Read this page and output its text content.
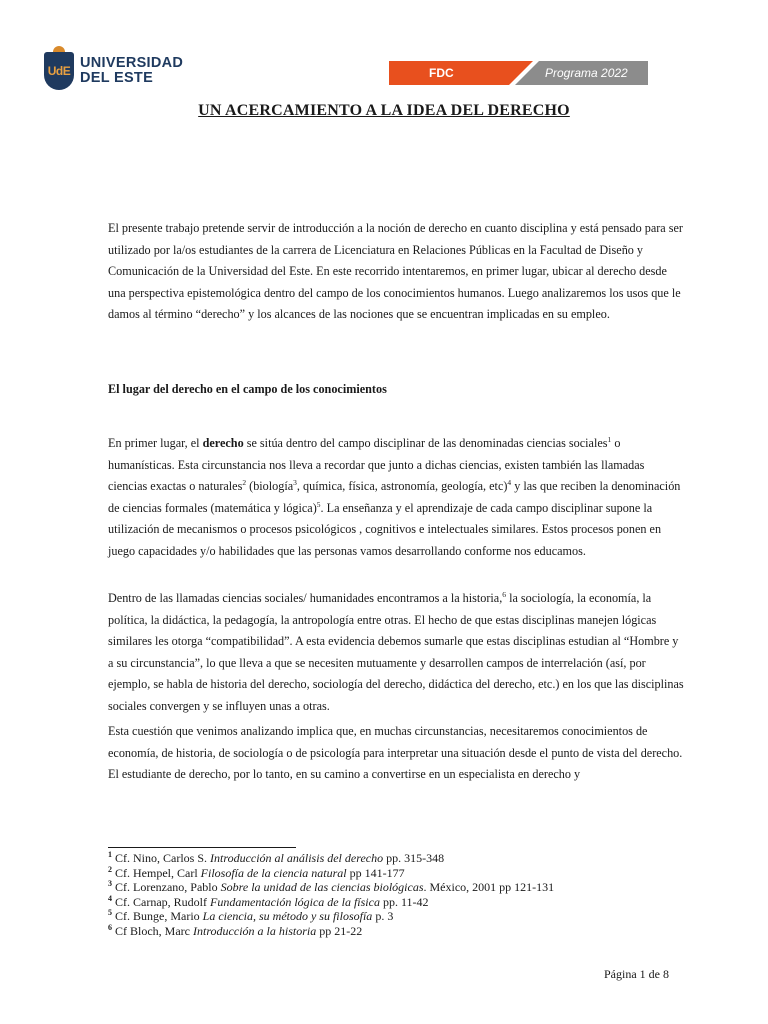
UdE UNIVERSIDAD
DEL ESTE	FDC	Programa 2022
UN ACERCAMIENTO A LA IDEA DEL DERECHO
El presente trabajo pretende servir de introducción a la noción de derecho en cuanto disciplina y está pensado para ser utilizado por la/os estudiantes de la carrera de Licenciatura en Relaciones Públicas en la Facultad de Diseño y Comunicación de la Universidad del Este. En este recorrido intentaremos, en primer lugar, ubicar al derecho desde una perspectiva epistemológica dentro del campo de los conocimientos humanos. Luego analizaremos los usos que le damos al término “derecho” y los alcances de las nociones que se encuentran implicadas en su empleo.
El lugar del derecho en el campo de los conocimientos
En primer lugar, el derecho se sitúa dentro del campo disciplinar de las denominadas ciencias sociales$^1$ o humanísticas. Esta circunstancia nos lleva a recordar que junto a dichas ciencias, existen también las llamadas ciencias exactas o naturales$^2$ (biología$^3$, química, física, astronomía, geología, etc)$^4$ y las que reciben la denominación de ciencias formales (matemática y lógica)$^5$. La enseñanza y el aprendizaje de cada campo disciplinar supone la utilización de mecanismos o procesos psicológicos , cognitivos e intelectuales similares. Estos procesos ponen en juego capacidades y/o habilidades que las personas vamos desarrollando conforme nos educamos.
Dentro de las llamadas ciencias sociales/ humanidades encontramos a la historia,$^6$ la sociología, la economía, la política, la didáctica, la pedagogía, la antropología entre otras. El hecho de que estas disciplinas manejen lógicas similares les otorga “compatibilidad”. A esta evidencia debemos sumarle que estas disciplinas estudian al “Hombre y a su circunstancia”, lo que lleva a que se necesiten mutuamente y desarrollen campos de interrelación (así, por ejemplo, se habla de historia del derecho, sociología del derecho, didáctica del derecho, etc.) en los que las disciplinas sociales convergen y se influyen unas a otras.
Esta cuestión que venimos analizando implica que, en muchas circunstancias, necesitaremos conocimientos de economía, de historia, de sociología o de psicología para interpretar una situación desde el punto de vista del derecho. El estudiante de derecho, por lo tanto, en su camino a convertirse en un especialista en derecho y
$^1$ Cf. Nino, Carlos S. Introducción al análisis del derecho pp. 315-348
$^2$ Cf. Hempel, Carl Filosofía de la ciencia natural pp 141-177
$^3$ Cf. Lorenzano, Pablo Sobre la unidad de las ciencias biológicas. México, 2001 pp 121-131
$^4$ Cf. Carnap, Rudolf Fundamentación lógica de la física pp. 11-42
$^5$ Cf. Bunge, Mario La ciencia, su método y su filosofía p. 3
$^6$ Cf Bloch, Marc Introducción a la historia pp 21-22
Página 1 de 8
